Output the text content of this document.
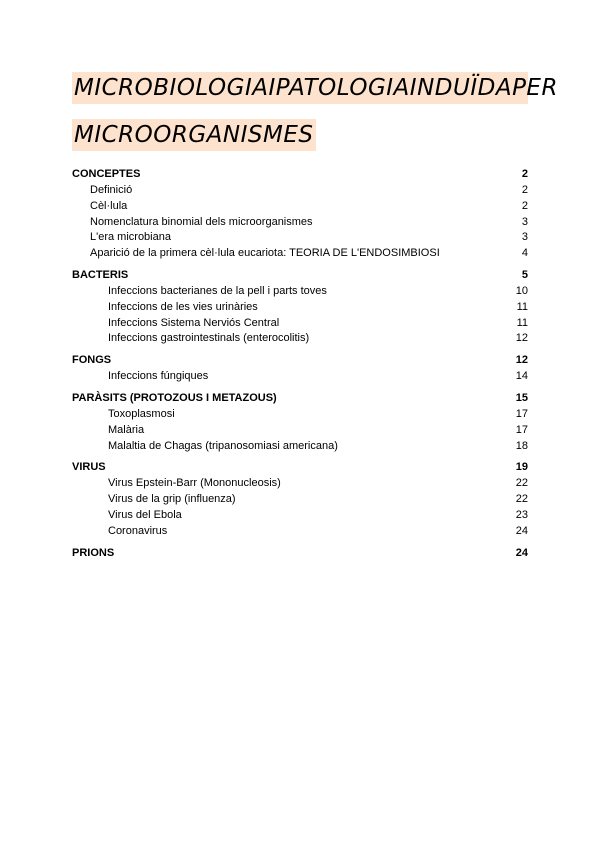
MICROBIOLOGIA I PATOLOGIA INDUÏDA PER
MICROORGANISMES
CONCEPTES	2
Definició	2
Cèl·lula	2
Nomenclatura binomial dels microorganismes	3
L'era microbiana	3
Aparició de la primera cèl·lula eucariota: TEORIA DE L'ENDOSIMBIOSI	4
BACTERIS	5
Infeccions bacterianes de la pell i parts toves	10
Infeccions de les vies urinàries	11
Infeccions Sistema Nerviós Central	11
Infeccions gastrointestinals (enterocolitis)	12
FONGS	12
Infeccions fúngiques	14
PARÀSITS (PROTOZOUS I METAZOUS)	15
Toxoplasmosi	17
Malària	17
Malaltia de Chagas (tripanosomiasi americana)	18
VIRUS	19
Virus Epstein-Barr (Mononucleosis)	22
Virus de la grip (influenza)	22
Virus del Ebola	23
Coronavirus	24
PRIONS	24
